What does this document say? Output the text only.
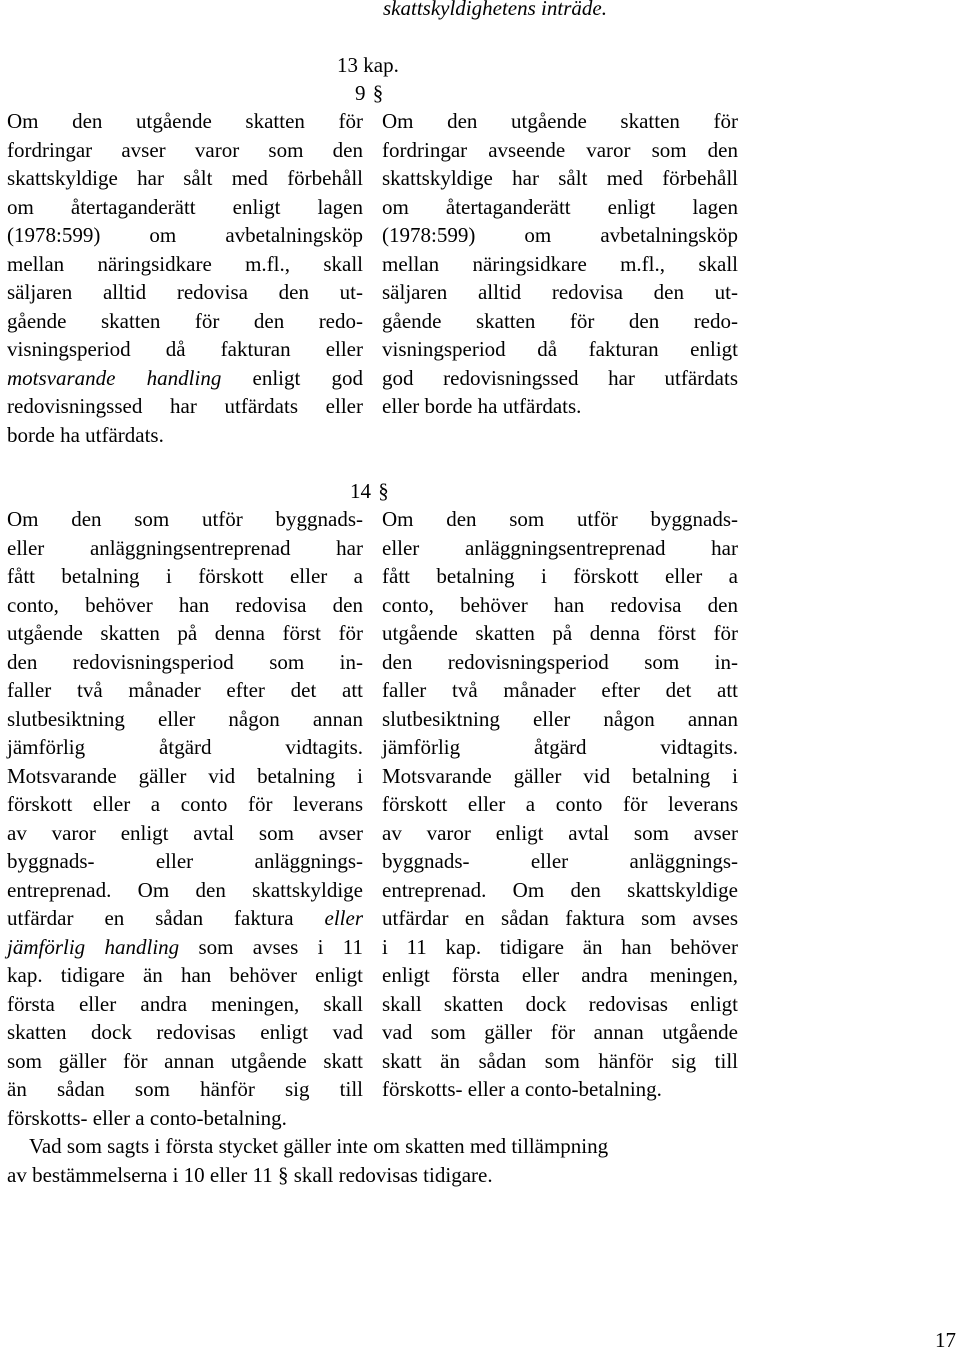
skattskyldighetens inträde.
13 kap.
9 §
Om den utgående skatten för
fordringar avser varor som den
skattskyldige har sålt med förbehåll
om återtaganderätt enligt lagen
(1978:599) om avbetalningsköp
mellan näringsidkare m.fl., skall
säljaren alltid redovisa den ut-
gående skatten för den redo-
visningsperiod då fakturan eller
motsvarande handling enligt god
redovisningssed har utfärdats eller
borde ha utfärdats.
Om den utgående skatten för
fordringar avseende varor som den
skattskyldige har sålt med förbehåll
om återtaganderätt enligt lagen
(1978:599) om avbetalningsköp
mellan näringsidkare m.fl., skall
säljaren alltid redovisa den ut-
gående skatten för den redo-
visningsperiod då fakturan enligt
god redovisningssed har utfärdats
eller borde ha utfärdats.
14 §
Om den som utför byggnads-
eller anläggningsentreprenad har
fått betalning i förskott eller a
conto, behöver han redovisa den
utgående skatten på denna först för
den redovisningsperiod som in-
faller två månader efter det att
slutbesiktning eller någon annan
jämförlig åtgärd vidtagits.
Motsvarande gäller vid betalning i
förskott eller a conto för leverans
av varor enligt avtal som avser
byggnads- eller anläggnings-
entreprenad. Om den skattskyldige
utfärdar en sådan faktura eller
jämförlig handling som avses i 11
kap. tidigare än han behöver enligt
första eller andra meningen, skall
skatten dock redovisas enligt vad
som gäller för annan utgående skatt
än sådan som hänför sig till
förskotts- eller a conto-betalning.
Om den som utför byggnads-
eller anläggningsentreprenad har
fått betalning i förskott eller a
conto, behöver han redovisa den
utgående skatten på denna först för
den redovisningsperiod som in-
faller två månader efter det att
slutbesiktning eller någon annan
jämförlig åtgärd vidtagits.
Motsvarande gäller vid betalning i
förskott eller a conto för leverans
av varor enligt avtal som avser
byggnads- eller anläggnings-
entreprenad. Om den skattskyldige
utfärdar en sådan faktura som avses
i 11 kap. tidigare än han behöver
enligt första eller andra meningen,
skall skatten dock redovisas enligt
vad som gäller för annan utgående
skatt än sådan som hänför sig till
förskotts- eller a conto-betalning.
Vad som sagts i första stycket gäller inte om skatten med tillämpning
av bestämmelserna i 10 eller 11 § skall redovisas tidigare.
17
